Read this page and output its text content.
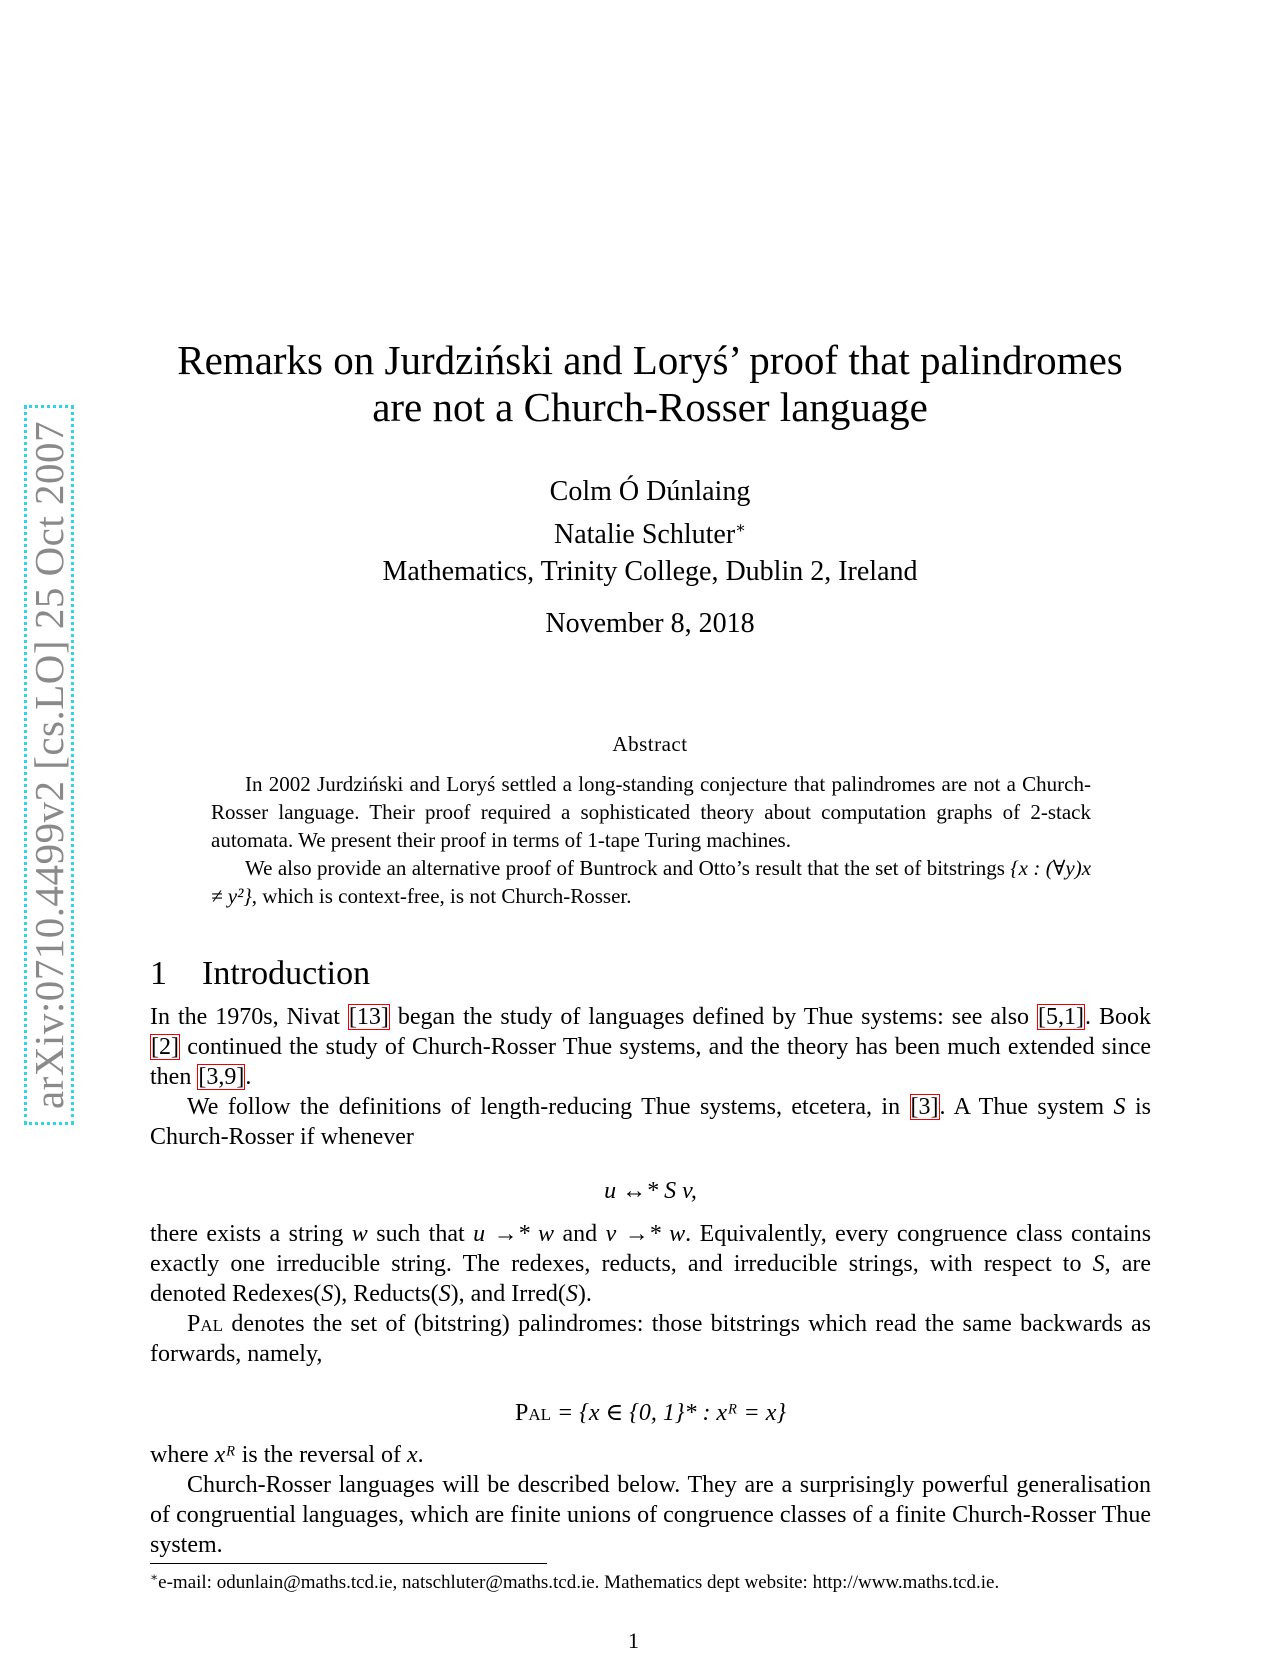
arXiv:0710.4499v2 [cs.LO] 25 Oct 2007
Remarks on Jurdziński and Loryś’ proof that palindromes
are not a Church-Rosser language
Colm Ó Dúnlaing
Natalie Schluter∗
Mathematics, Trinity College, Dublin 2, Ireland
November 8, 2018
Abstract

In 2002 Jurdziński and Loryś settled a long-standing conjecture that palindromes are not a Church-Rosser language. Their proof required a sophisticated theory about computation graphs of 2-stack automata. We present their proof in terms of 1-tape Turing machines.

We also provide an alternative proof of Buntrock and Otto’s result that the set of bitstrings {x : (∀y)x ≠ y²}, which is context-free, is not Church-Rosser.

1 Introduction

In the 1970s, Nivat [13] began the study of languages defined by Thue systems: see also [5,1]. Book [2] continued the study of Church-Rosser Thue systems, and the theory has been much extended since then [3,9].

We follow the definitions of length-reducing Thue systems, etcetera, in [3]. A Thue system S is Church-Rosser if whenever

u ↔* S v,

there exists a string w such that u →* w and v →* w. Equivalently, every congruence class contains exactly one irreducible string. The redexes, reducts, and irreducible strings, with respect to S, are denoted Redexes(S), Reducts(S), and Irred(S).

Pal denotes the set of (bitstring) palindromes: those bitstrings which read the same backwards as forwards, namely,

Pal = {x ∈ {0, 1}* : xᴿ = x}

where xᴿ is the reversal of x.

Church-Rosser languages will be described below. They are a surprisingly powerful generalisation of congruential languages, which are finite unions of congruence classes of a finite Church-Rosser Thue system.

∗e-mail: odunlain@maths.tcd.ie, natschluter@maths.tcd.ie. Mathematics dept website: http://www.maths.tcd.ie.
1
